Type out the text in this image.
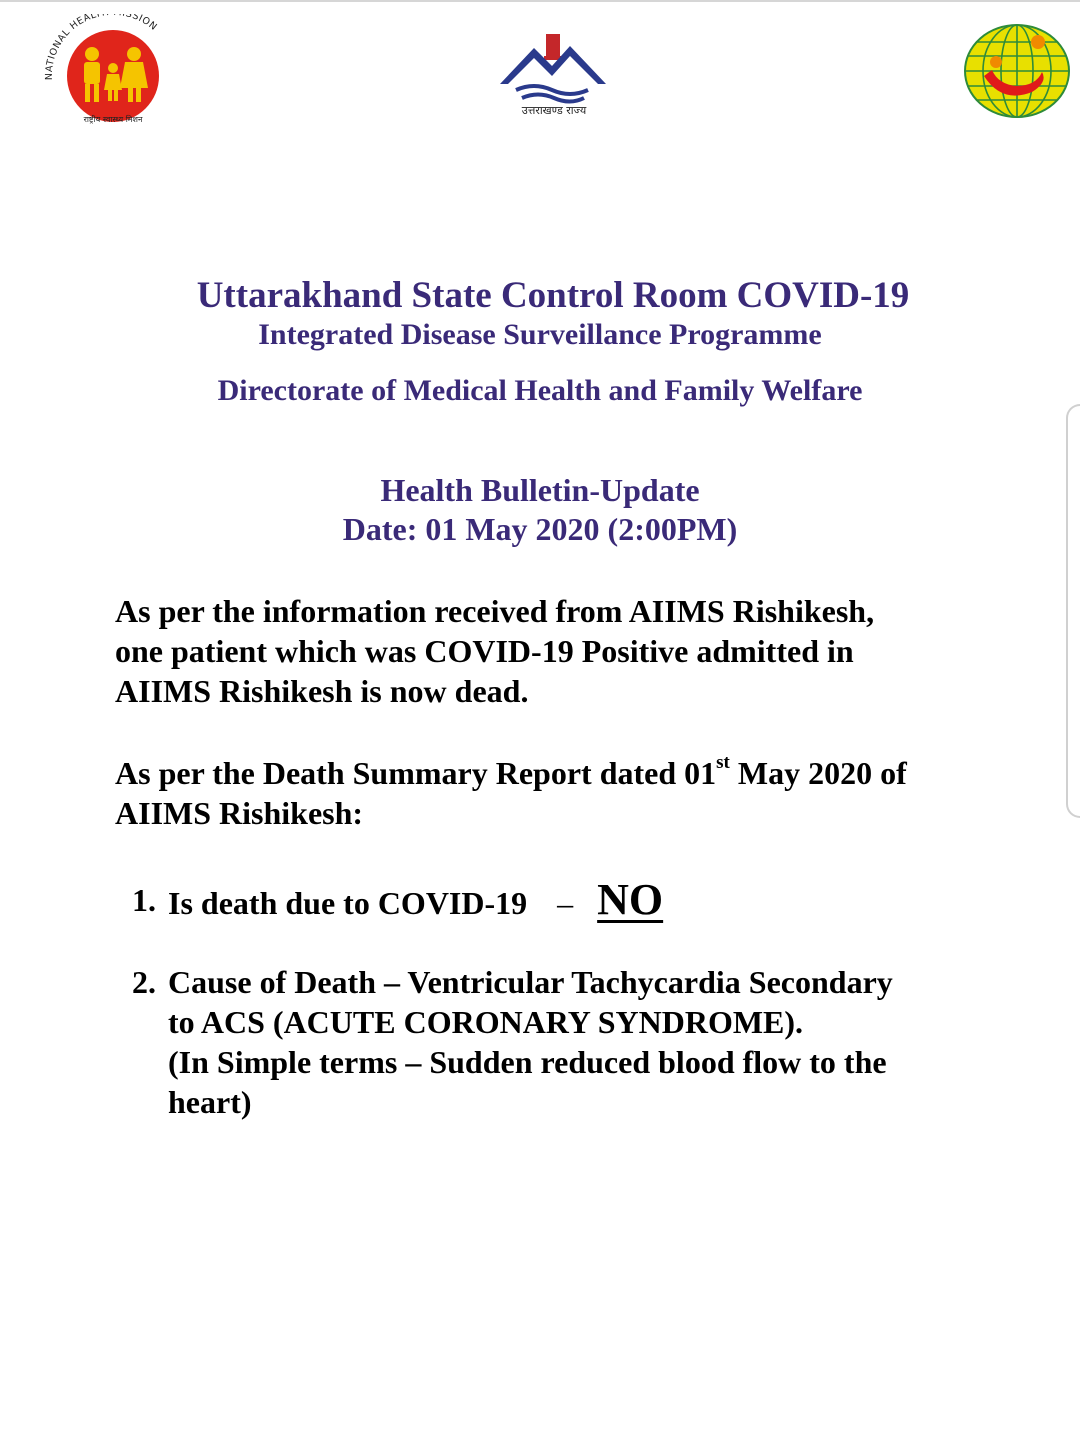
NATIONAL HEALT SSION
राष्ट्रीय स्वास्थ्य मिशन
उत्तराखण्ड राज्य
Uttarakhand State Control Room COVID-19
Integrated Disease Surveillance Programme
Directorate of Medical Health and Family Welfare
Health Bulletin-Update
Date: 01 May 2020 (2:00PM)
As per the information received from AIIMS Rishikesh,
one patient which was COVID-19 Positive admitted in
AIIMS Rishikesh is now dead.
As per the Death Summary Report dated 01st May 2020 of
AIIMS Rishikesh:
1. Is death due to COVID-19 – NO
2. Cause of Death – Ventricular Tachycardia Secondary
to ACS (ACUTE CORONARY SYNDROME).
(In Simple terms – Sudden reduced blood flow to the
heart)
